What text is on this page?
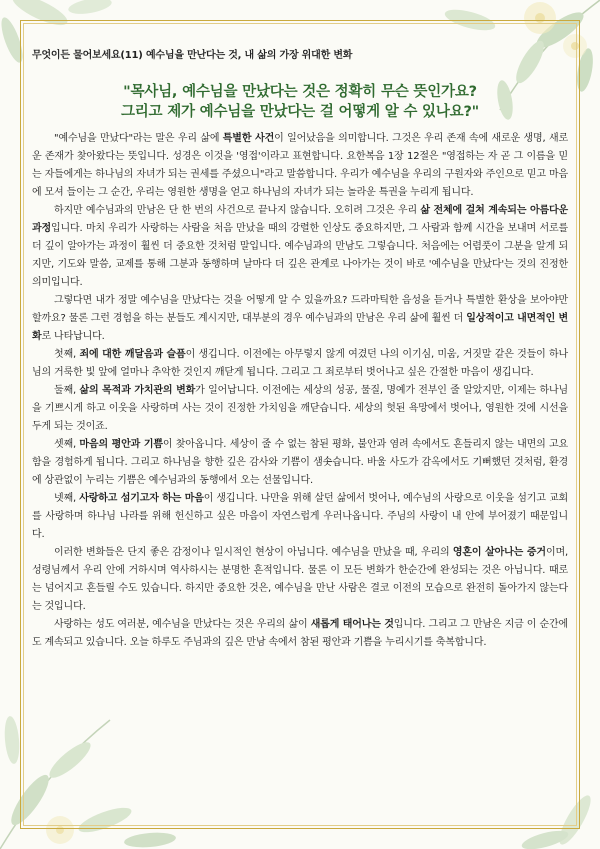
무엇이든 물어보세요(11) 예수님을 만난다는 것, 내 삶의 가장 위대한 변화
"목사님, 예수님을 만났다는 것은 정확히 무슨 뜻인가요?
그리고 제가 예수님을 만났다는 걸 어떻게 알 수 있나요?"

"예수님을 만났다"라는 말은 우리 삶에 특별한 사건이 일어났음을 의미합니다. 그것은 우리 존재 속에 새로운 생명, 새로운 존재가 찾아왔다는 뜻입니다. 성경은 이것을 '영접'이라고 표현합니다. 요한복음 1장 12절은 "영접하는 자 곧 그 이름을 믿는 자들에게는 하나님의 자녀가 되는 권세를 주셨으니"라고 말씀합니다. 우리가 예수님을 우리의 구원자와 주인으로 믿고 마음에 모셔 들이는 그 순간, 우리는 영원한 생명을 얻고 하나님의 자녀가 되는 놀라운 특권을 누리게 됩니다.

하지만 예수님과의 만남은 단 한 번의 사건으로 끝나지 않습니다. 오히려 그것은 우리 삶 전체에 걸쳐 계속되는 아름다운 과정입니다. 마치 우리가 사랑하는 사람을 처음 만났을 때의 강렬한 인상도 중요하지만, 그 사람과 함께 시간을 보내며 서로를 더 깊이 알아가는 과정이 훨씬 더 중요한 것처럼 말입니다. 예수님과의 만남도 그렇습니다. 처음에는 어렴풋이 그분을 알게 되지만, 기도와 말씀, 교제를 통해 그분과 동행하며 날마다 더 깊은 관계로 나아가는 것이 바로 '예수님을 만났다'는 것의 진정한 의미입니다.

그렇다면 내가 정말 예수님을 만났다는 것을 어떻게 알 수 있을까요? 드라마틱한 음성을 듣거나 특별한 환상을 보아야만 할까요? 물론 그런 경험을 하는 분들도 계시지만, 대부분의 경우 예수님과의 만남은 우리 삶에 훨씬 더 일상적이고 내면적인 변화로 나타납니다.

첫째, 죄에 대한 깨달음과 슬픔이 생깁니다. 이전에는 아무렇지 않게 여겼던 나의 이기심, 미움, 거짓말 같은 것들이 하나님의 거룩한 빛 앞에 얼마나 추악한 것인지 깨닫게 됩니다. 그리고 그 죄로부터 벗어나고 싶은 간절한 마음이 생깁니다.

둘째, 삶의 목적과 가치관의 변화가 일어납니다. 이전에는 세상의 성공, 물질, 명예가 전부인 줄 알았지만, 이제는 하나님을 기쁘시게 하고 이웃을 사랑하며 사는 것이 진정한 가치임을 깨닫습니다. 세상의 헛된 욕망에서 벗어나, 영원한 것에 시선을 두게 되는 것이죠.

셋째, 마음의 평안과 기쁨이 찾아옵니다. 세상이 줄 수 없는 참된 평화, 불안과 염려 속에서도 흔들리지 않는 내면의 고요함을 경험하게 됩니다. 그리고 하나님을 향한 깊은 감사와 기쁨이 샘솟습니다. 바울 사도가 감옥에서도 기뻐했던 것처럼, 환경에 상관없이 누리는 기쁨은 예수님과의 동행에서 오는 선물입니다.

넷째, 사랑하고 섬기고자 하는 마음이 생깁니다. 나만을 위해 살던 삶에서 벗어나, 예수님의 사랑으로 이웃을 섬기고 교회를 사랑하며 하나님 나라를 위해 헌신하고 싶은 마음이 자연스럽게 우러나옵니다. 주님의 사랑이 내 안에 부어졌기 때문입니다.

이러한 변화들은 단지 좋은 감정이나 일시적인 현상이 아닙니다. 예수님을 만났을 때, 우리의 영혼이 살아나는 증거이며, 성령님께서 우리 안에 거하시며 역사하시는 분명한 흔적입니다. 물론 이 모든 변화가 한순간에 완성되는 것은 아닙니다. 때로는 넘어지고 흔들릴 수도 있습니다. 하지만 중요한 것은, 예수님을 만난 사람은 결코 이전의 모습으로 완전히 돌아가지 않는다는 것입니다.

사랑하는 성도 여러분, 예수님을 만났다는 것은 우리의 삶이 새롭게 태어나는 것입니다. 그리고 그 만남은 지금 이 순간에도 계속되고 있습니다. 오늘 하루도 주님과의 깊은 만남 속에서 참된 평안과 기쁨을 누리시기를 축복합니다.
